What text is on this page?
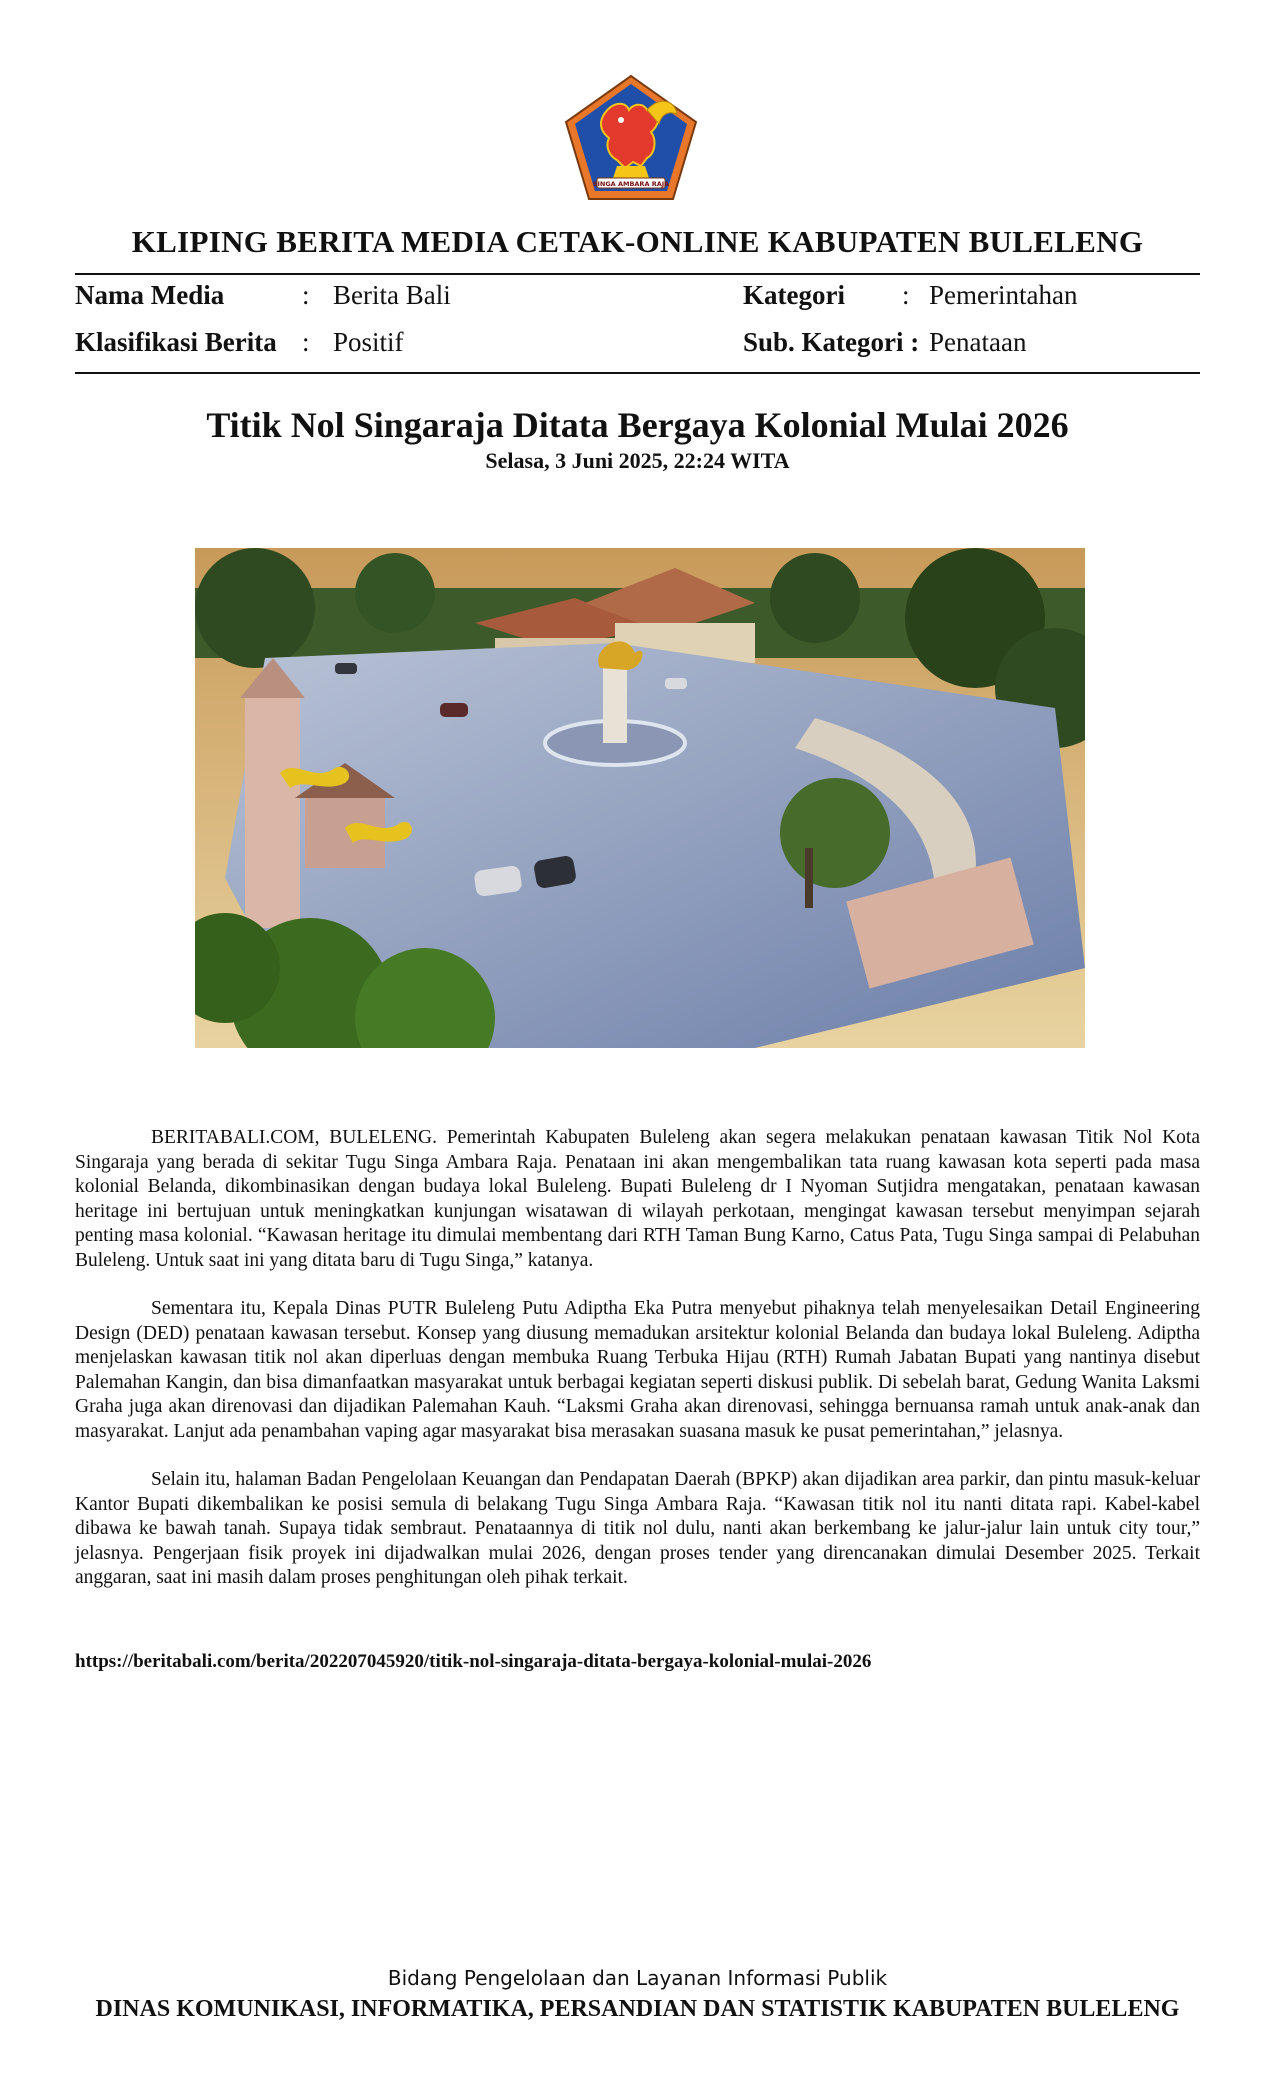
SINGA AMBARA RAJA
KLIPING BERITA MEDIA CETAK-ONLINE KABUPATEN BULELENG
Nama Media	: Berita Bali	Kategori : Pemerintahan
Klasifikasi Berita : Positif	Sub. Kategori : Penataan
Titik Nol Singaraja Ditata Bergaya Kolonial Mulai 2026
Selasa, 3 Juni 2025, 22:24 WITA

BERITABALI.COM, BULELENG. Pemerintah Kabupaten Buleleng akan segera melakukan penataan kawasan Titik Nol Kota Singaraja yang berada di sekitar Tugu Singa Ambara Raja. Penataan ini akan mengembalikan tata ruang kawasan kota seperti pada masa kolonial Belanda, dikombinasikan dengan budaya lokal Buleleng. Bupati Buleleng dr I Nyoman Sutjidra mengatakan, penataan kawasan heritage ini bertujuan untuk meningkatkan kunjungan wisatawan di wilayah perkotaan, mengingat kawasan tersebut menyimpan sejarah penting masa kolonial. “Kawasan heritage itu dimulai membentang dari RTH Taman Bung Karno, Catus Pata, Tugu Singa sampai di Pelabuhan Buleleng. Untuk saat ini yang ditata baru di Tugu Singa,” katanya.

Sementara itu, Kepala Dinas PUTR Buleleng Putu Adiptha Eka Putra menyebut pihaknya telah menyelesaikan Detail Engineering Design (DED) penataan kawasan tersebut. Konsep yang diusung memadukan arsitektur kolonial Belanda dan budaya lokal Buleleng. Adiptha menjelaskan kawasan titik nol akan diperluas dengan membuka Ruang Terbuka Hijau (RTH) Rumah Jabatan Bupati yang nantinya disebut Palemahan Kangin, dan bisa dimanfaatkan masyarakat untuk berbagai kegiatan seperti diskusi publik. Di sebelah barat, Gedung Wanita Laksmi Graha juga akan direnovasi dan dijadikan Palemahan Kauh. “Laksmi Graha akan direnovasi, sehingga bernuansa ramah untuk anak-anak dan masyarakat. Lanjut ada penambahan vaping agar masyarakat bisa merasakan suasana masuk ke pusat pemerintahan,” jelasnya.

Selain itu, halaman Badan Pengelolaan Keuangan dan Pendapatan Daerah (BPKP) akan dijadikan area parkir, dan pintu masuk-keluar Kantor Bupati dikembalikan ke posisi semula di belakang Tugu Singa Ambara Raja. “Kawasan titik nol itu nanti ditata rapi. Kabel-kabel dibawa ke bawah tanah. Supaya tidak sembraut. Penataannya di titik nol dulu, nanti akan berkembang ke jalur-jalur lain untuk city tour,” jelasnya. Pengerjaan fisik proyek ini dijadwalkan mulai 2026, dengan proses tender yang direncanakan dimulai Desember 2025. Terkait anggaran, saat ini masih dalam proses penghitungan oleh pihak terkait.

https://beritabali.com/berita/202207045920/titik-nol-singaraja-ditata-bergaya-kolonial-mulai-2026
Bidang Pengelolaan dan Layanan Informasi Publik
DINAS KOMUNIKASI, INFORMATIKA, PERSANDIAN DAN STATISTIK KABUPATEN BULELENG
